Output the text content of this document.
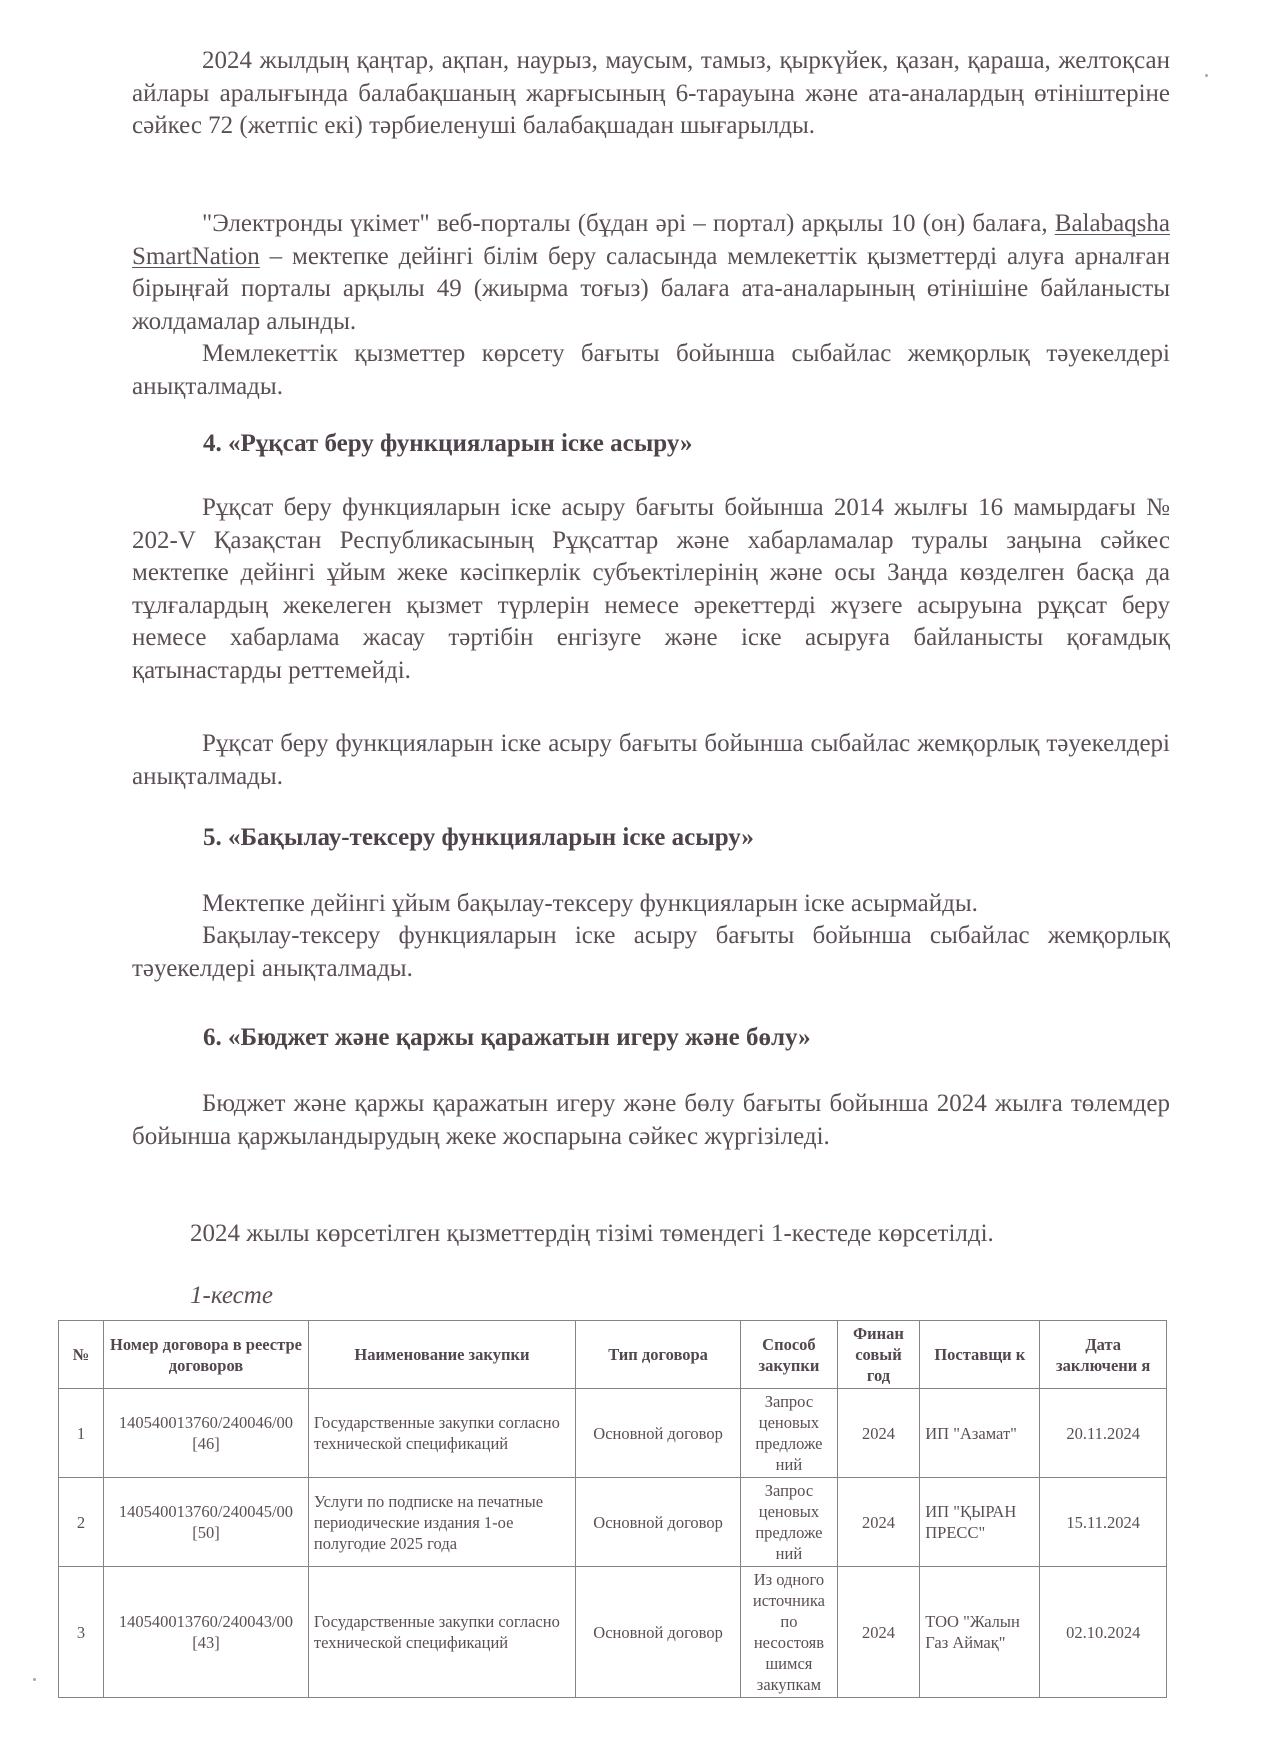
2024 жылдың қаңтар, ақпан, наурыз, маусым, тамыз, қыркүйек, қазан, қараша, желтоқсан айлары аралығында балабақшаның жарғысының 6-тарауына және ата-аналардың өтініштеріне сәйкес 72 (жетпіс екі) тәрбиеленуші балабақшадан шығарылды.

"Электронды үкімет" веб-порталы (бұдан әрі – портал) арқылы 10 (он) балаға, Balabaqsha SmartNation – мектепке дейінгі білім беру саласында мемлекеттік қызметтерді алуға арналған бірыңғай порталы арқылы 49 (жиырма тоғыз) балаға ата-аналарының өтінішіне байланысты жолдамалар алынды.

Мемлекеттік қызметтер көрсету бағыты бойынша сыбайлас жемқорлық тәуекелдері анықталмады.

4. «Рұқсат беру функцияларын іске асыру»

Рұқсат беру функцияларын іске асыру бағыты бойынша 2014 жылғы 16 мамырдағы № 202-V Қазақстан Республикасының Рұқсаттар және хабарламалар туралы заңына сәйкес мектепке дейінгі ұйым жеке кәсіпкерлік субъектілерінің және осы Заңда көзделген басқа да тұлғалардың жекелеген қызмет түрлерін немесе әрекеттерді жүзеге асыруына рұқсат беру немесе хабарлама жасау тәртібін енгізуге және іске асыруға байланысты қоғамдық қатынастарды реттемейді.

Рұқсат беру функцияларын іске асыру бағыты бойынша сыбайлас жемқорлық тәуекелдері анықталмады.

5. «Бақылау-тексеру функцияларын іске асыру»

Мектепке дейінгі ұйым бақылау-тексеру функцияларын іске асырмайды.

Бақылау-тексеру функцияларын іске асыру бағыты бойынша сыбайлас жемқорлық тәуекелдері анықталмады.

6. «Бюджет және қаржы қаражатын игеру және бөлу»

Бюджет және қаржы қаражатын игеру және бөлу бағыты бойынша 2024 жылға төлемдер бойынша қаржыландырудың жеке жоспарына сәйкес жүргізіледі.

2024 жылы көрсетілген қызметтердің тізімі төмендегі 1-кестеде көрсетілді.

1-кесте
№	Номер договора в реестре договоров	Наименование закупки	Тип договора	Способ закупки	Финан совый год	Поставщи к	Дата заключени я
1	140540013760/240046/00 [46]	Государственные закупки согласно технической спецификаций	Основной договор	Запрос ценовых предложе ний	2024	ИП "Азамат"	20.11.2024
2	140540013760/240045/00 [50]	Услуги по подписке на печатные периодические издания 1-ое полугодие 2025 года	Основной договор	Запрос ценовых предложе ний	2024	ИП "ҚЫРАН ПРЕСС"	15.11.2024
3	140540013760/240043/00 [43]	Государственные закупки согласно технической спецификаций	Основной договор	Из одного источника по несостояв шимся закупкам	2024	ТОО "Жалын Газ Аймақ"	02.10.2024
